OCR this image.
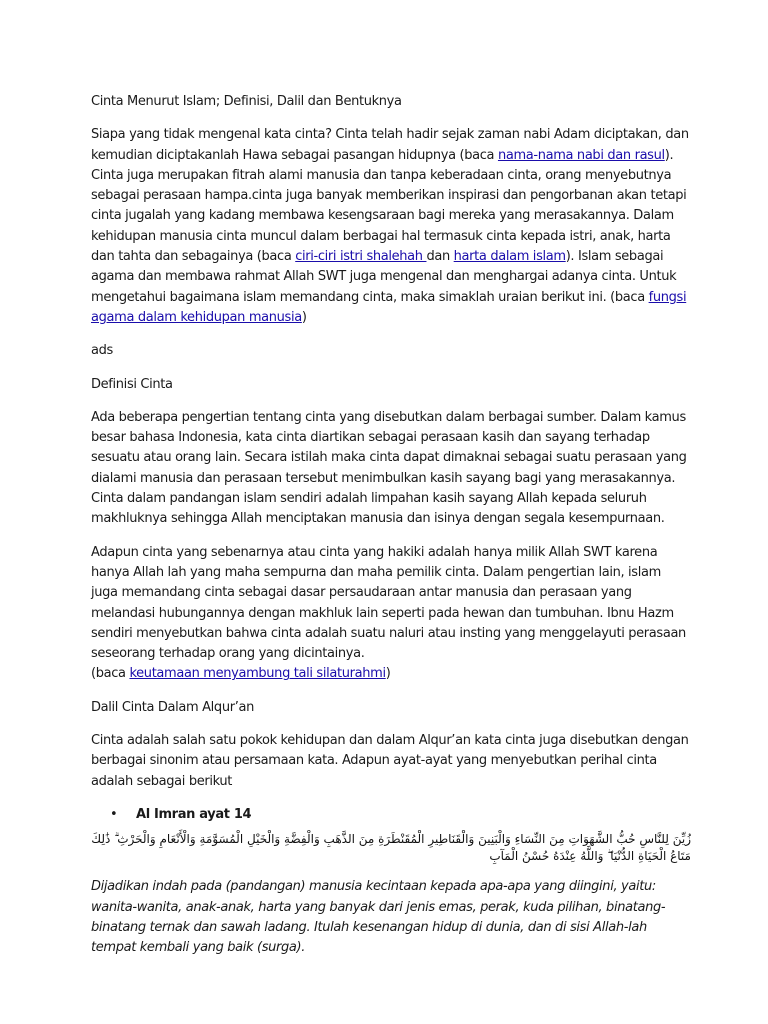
Cinta Menurut Islam; Definisi, Dalil dan Bentuknya

Siapa yang tidak mengenal kata cinta? Cinta telah hadir sejak zaman nabi Adam diciptakan, dan kemudian diciptakanlah Hawa sebagai pasangan hidupnya (baca nama-nama nabi dan rasul). Cinta juga merupakan fitrah alami manusia dan tanpa keberadaan cinta, orang menyebutnya sebagai perasaan hampa.cinta juga banyak memberikan inspirasi dan pengorbanan akan tetapi cinta jugalah yang kadang membawa kesengsaraan bagi mereka yang merasakannya. Dalam kehidupan manusia cinta muncul dalam berbagai hal termasuk cinta kepada istri, anak, harta dan tahta dan sebagainya (baca ciri-ciri istri shalehah dan harta dalam islam). Islam sebagai agama dan membawa rahmat Allah SWT juga mengenal dan menghargai adanya cinta. Untuk mengetahui bagaimana islam memandang cinta, maka simaklah uraian berikut ini. (baca fungsi agama dalam kehidupan manusia)

ads

Definisi Cinta

Ada beberapa pengertian tentang cinta yang disebutkan dalam berbagai sumber. Dalam kamus besar bahasa Indonesia, kata cinta diartikan sebagai perasaan kasih dan sayang terhadap sesuatu atau orang lain. Secara istilah maka cinta dapat dimaknai sebagai suatu perasaan yang dialami manusia dan perasaan tersebut menimbulkan kasih sayang bagi yang merasakannya. Cinta dalam pandangan islam sendiri adalah limpahan kasih sayang Allah kepada seluruh makhluknya sehingga Allah menciptakan manusia dan isinya dengan segala kesempurnaan.

Adapun cinta yang sebenarnya atau cinta yang hakiki adalah hanya milik Allah SWT karena hanya Allah lah yang maha sempurna dan maha pemilik cinta. Dalam pengertian lain, islam juga memandang cinta sebagai dasar persaudaraan antar manusia dan perasaan yang melandasi hubungannya dengan makhluk lain seperti pada hewan dan tumbuhan. Ibnu Hazm sendiri menyebutkan bahwa cinta adalah suatu naluri atau insting yang menggelayuti perasaan seseorang terhadap orang yang dicintainya.
(baca keutamaan menyambung tali silaturahmi)

Dalil Cinta Dalam Alqur’an

Cinta adalah salah satu pokok kehidupan dan dalam Alqur’an kata cinta juga disebutkan dengan berbagai sinonim atau persamaan kata. Adapun ayat-ayat yang menyebutkan perihal cinta adalah sebagai berikut

•	Al Imran ayat 14

زُيِّنَ لِلنَّاسِ حُبُّ الشَّهَوَاتِ مِنَ النِّسَاءِ وَالْبَنِينَ وَالْقَنَاطِيرِ الْمُقَنْطَرَةِ مِنَ الذَّهَبِ وَالْفِضَّةِ وَالْخَيْلِ الْمُسَوَّمَةِ وَالْأَنْعَامِ وَالْحَرْثِ ۗ ذَٰلِكَ مَتَاعُ الْحَيَاةِ الدُّنْيَا ۖ وَاللَّهُ عِنْدَهُ حُسْنُ الْمَآبِ

Dijadikan indah pada (pandangan) manusia kecintaan kepada apa-apa yang diingini, yaitu: wanita-wanita, anak-anak, harta yang banyak dari jenis emas, perak, kuda pilihan, binatang-binatang ternak dan sawah ladang. Itulah kesenangan hidup di dunia, dan di sisi Allah-lah tempat kembali yang baik (surga).
